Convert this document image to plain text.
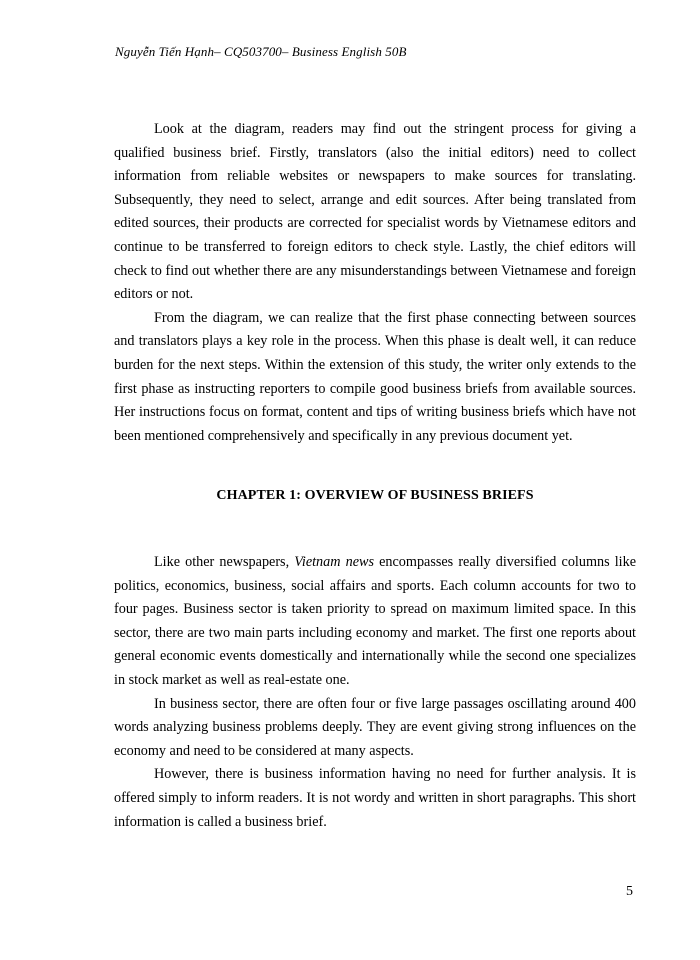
Nguyễn Tiến Hạnh– CQ503700– Business English 50B

Look at the diagram, readers may find out the stringent process for giving a qualified business brief. Firstly, translators (also the initial editors) need to collect information from reliable websites or newspapers to make sources for translating. Subsequently, they need to select, arrange and edit sources. After being translated from edited sources, their products are corrected for specialist words by Vietnamese editors and continue to be transferred to foreign editors to check style. Lastly, the chief editors will check to find out whether there are any misunderstandings between Vietnamese and foreign editors or not.

From the diagram, we can realize that the first phase connecting between sources and translators plays a key role in the process. When this phase is dealt well, it can reduce burden for the next steps. Within the extension of this study, the writer only extends to the first phase as instructing reporters to compile good business briefs from available sources. Her instructions focus on format, content and tips of writing business briefs which have not been mentioned comprehensively and specifically in any previous document yet.

CHAPTER 1: OVERVIEW OF BUSINESS BRIEFS

Like other newspapers, Vietnam news encompasses really diversified columns like politics, economics, business, social affairs and sports. Each column accounts for two to four pages. Business sector is taken priority to spread on maximum limited space. In this sector, there are two main parts including economy and market. The first one reports about general economic events domestically and internationally while the second one specializes in stock market as well as real-estate one.

In business sector, there are often four or five large passages oscillating around 400 words analyzing business problems deeply. They are event giving strong influences on the economy and need to be considered at many aspects.

However, there is business information having no need for further analysis. It is offered simply to inform readers. It is not wordy and written in short paragraphs. This short information is called a business brief.

5
